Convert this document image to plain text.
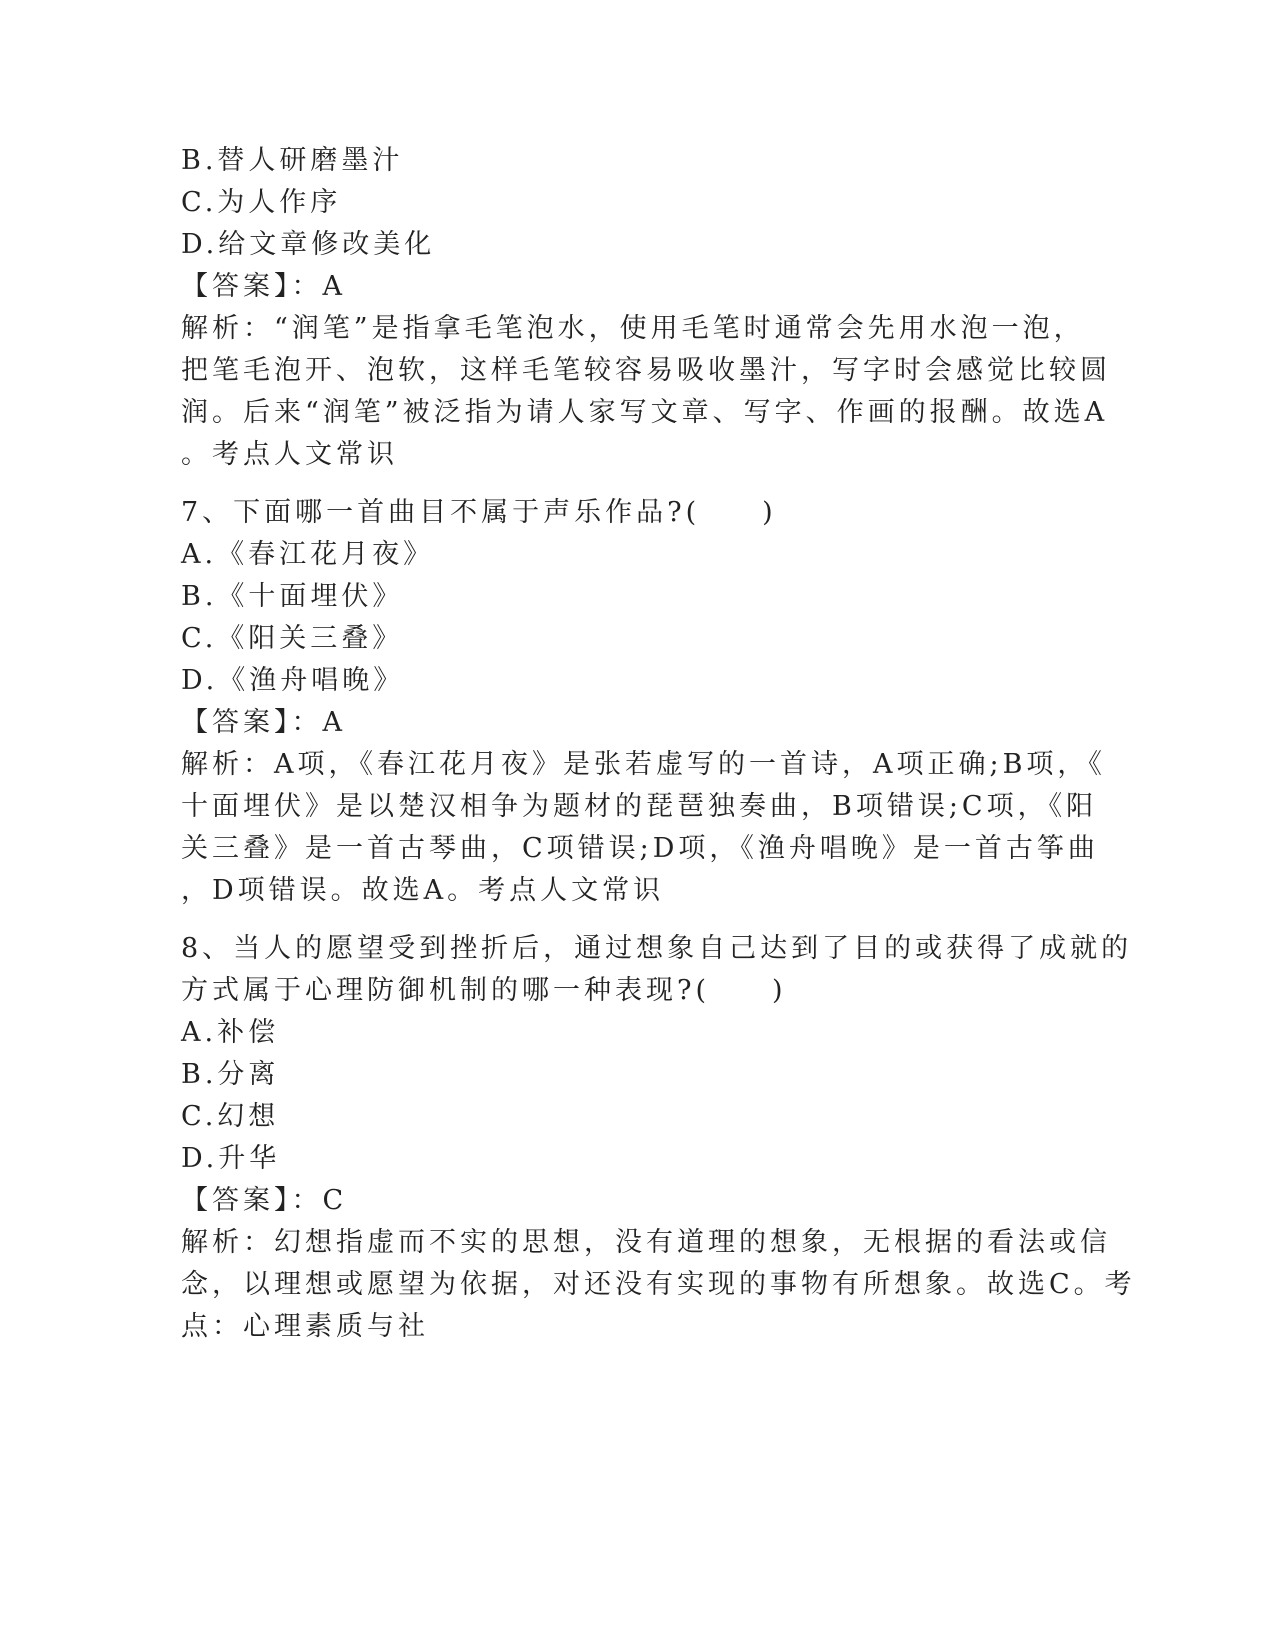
B.替人研磨墨汁
C.为人作序
D.给文章修改美化
【答案】：A
解析：“润笔”是指拿毛笔泡水，使用毛笔时通常会先用水泡一泡，
把笔毛泡开、泡软，这样毛笔较容易吸收墨汁，写字时会感觉比较圆
润。后来“润笔”被泛指为请人家写文章、写字、作画的报酬。故选A
。考点人文常识
7、下面哪一首曲目不属于声乐作品?(　　)
A.《春江花月夜》
B.《十面埋伏》
C.《阳关三叠》
D.《渔舟唱晚》
【答案】：A
解析：A项，《春江花月夜》是张若虚写的一首诗，A项正确;B项，《
十面埋伏》是以楚汉相争为题材的琵琶独奏曲，B项错误;C项，《阳
关三叠》是一首古琴曲，C项错误;D项，《渔舟唱晚》是一首古筝曲
，D项错误。故选A。考点人文常识
8、当人的愿望受到挫折后，通过想象自己达到了目的或获得了成就的
方式属于心理防御机制的哪一种表现?(　　)
A.补偿
B.分离
C.幻想
D.升华
【答案】：C
解析：幻想指虚而不实的思想，没有道理的想象，无根据的看法或信
念，以理想或愿望为依据，对还没有实现的事物有所想象。故选C。考
点：心理素质与社
